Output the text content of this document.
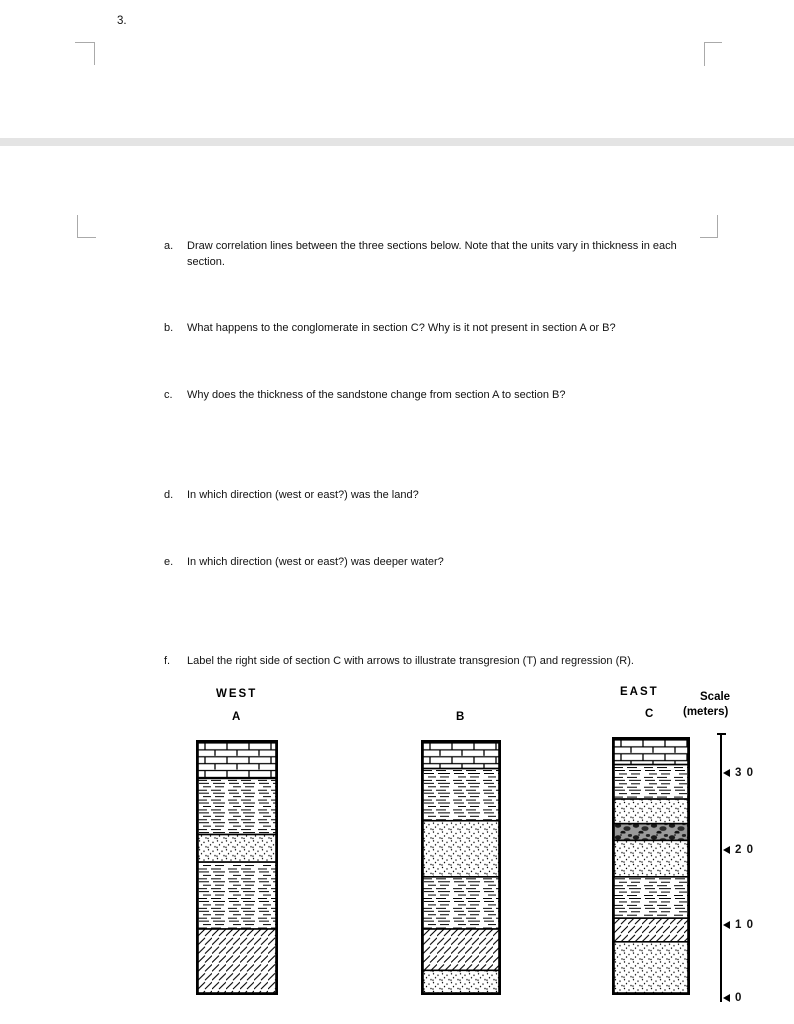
3.
a.	Draw correlation lines between the three sections below. Note that the units vary in thickness in each section.
b.	What happens to the conglomerate in section C? Why is it not present in section A or B?
c.	Why does the thickness of the sandstone change from section A to section B?
d.	In which direction (west or east?) was the land?
e.	In which direction (west or east?) was deeper water?
f.	Label the right side of section C with arrows to illustrate transgresion (T) and regression (R).
WEST	EAST	Scale
(meters)
A	B	C
3 0
2 0
1 0
0
